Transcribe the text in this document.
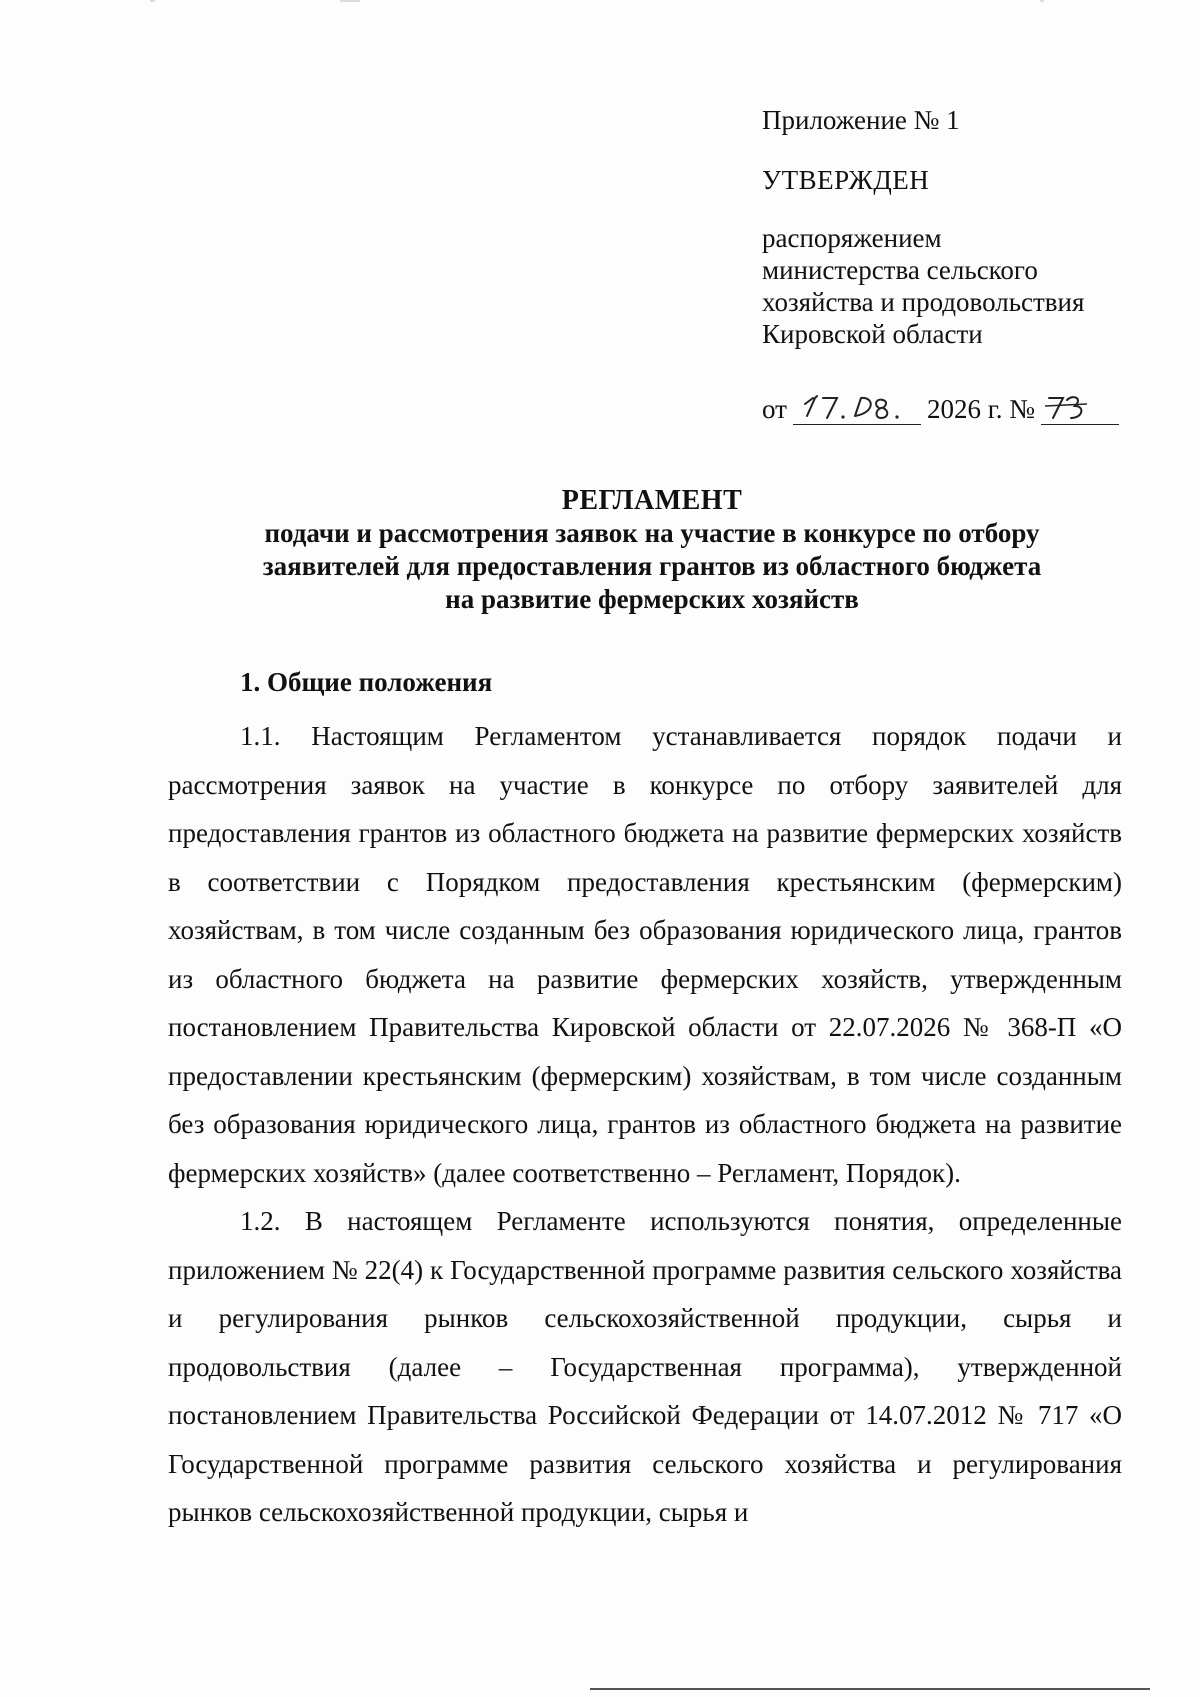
Приложение № 1

УТВЕРЖДЕН

распоряжением
министерства сельского
хозяйства и продовольствия
Кировской области
от	2026 г. №
РЕГЛАМЕНТ
подачи и рассмотрения заявок на участие в конкурсе по отбору
заявителей для предоставления грантов из областного бюджета
на развитие фермерских хозяйств
1. Общие положения

1.1. Настоящим Регламентом устанавливается порядок подачи и рассмотрения заявок на участие в конкурсе по отбору заявителей для предоставления грантов из областного бюджета на развитие фермерских хозяйств в соответствии с Порядком предоставления крестьянским (фермерским) хозяйствам, в том числе созданным без образования юридического лица, грантов из областного бюджета на развитие фермерских хозяйств, утвержденным постановлением Правительства Кировской области от 22.07.2026 № 368-П «О предоставлении крестьянским (фермерским) хозяйствам, в том числе созданным без образования юридического лица, грантов из областного бюджета на развитие фермерских хозяйств» (далее соответственно – Регламент, Порядок).

1.2. В настоящем Регламенте используются понятия, определенные приложением № 22(4) к Государственной программе развития сельского хозяйства и регулирования рынков сельскохозяйственной продукции, сырья и продовольствия (далее – Государственная программа), утвержденной постановлением Правительства Российской Федерации от 14.07.2012 № 717 «О Государственной программе развития сельского хозяйства и регулирования рынков сельскохозяйственной продукции, сырья и
